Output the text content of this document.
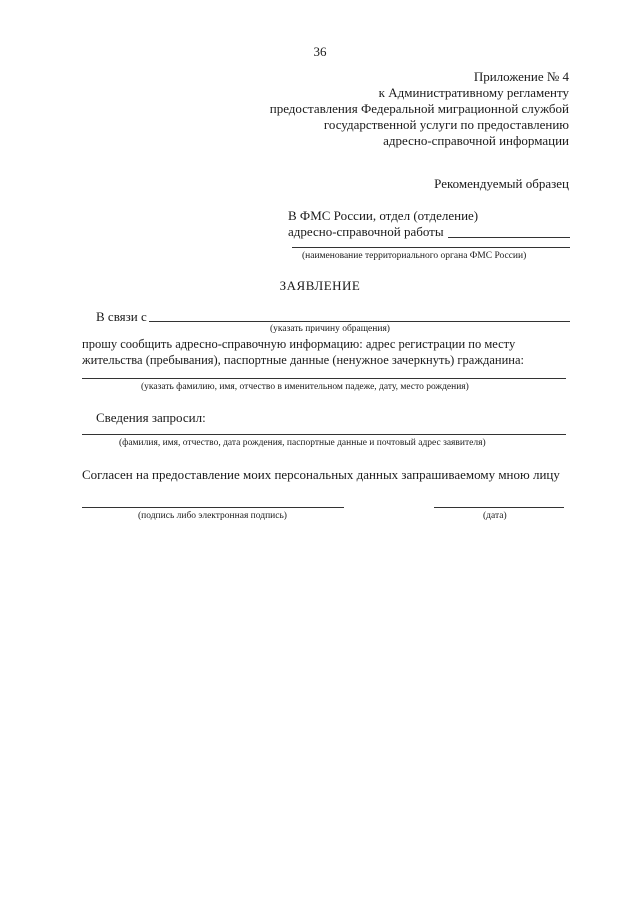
36
Приложение № 4
к Административному регламенту
предоставления Федеральной миграционной службой
государственной услуги по предоставлению
адресно-справочной информации
Рекомендуемый образец
В ФМС России, отдел (отделение)
адресно-справочной работы
(наименование территориального органа ФМС России)
ЗАЯВЛЕНИЕ
В связи с
(указать причину обращения)
прошу сообщить адресно-справочную информацию: адрес регистрации по месту
жительства (пребывания), паспортные данные (ненужное зачеркнуть) гражданина:
(указать фамилию, имя, отчество в именительном падеже, дату, место рождения)
Сведения запросил:
(фамилия, имя, отчество, дата рождения, паспортные данные и почтовый адрес заявителя)
Согласен на предоставление моих персональных данных запрашиваемому мною лицу
(подпись либо электронная подпись)	(дата)
